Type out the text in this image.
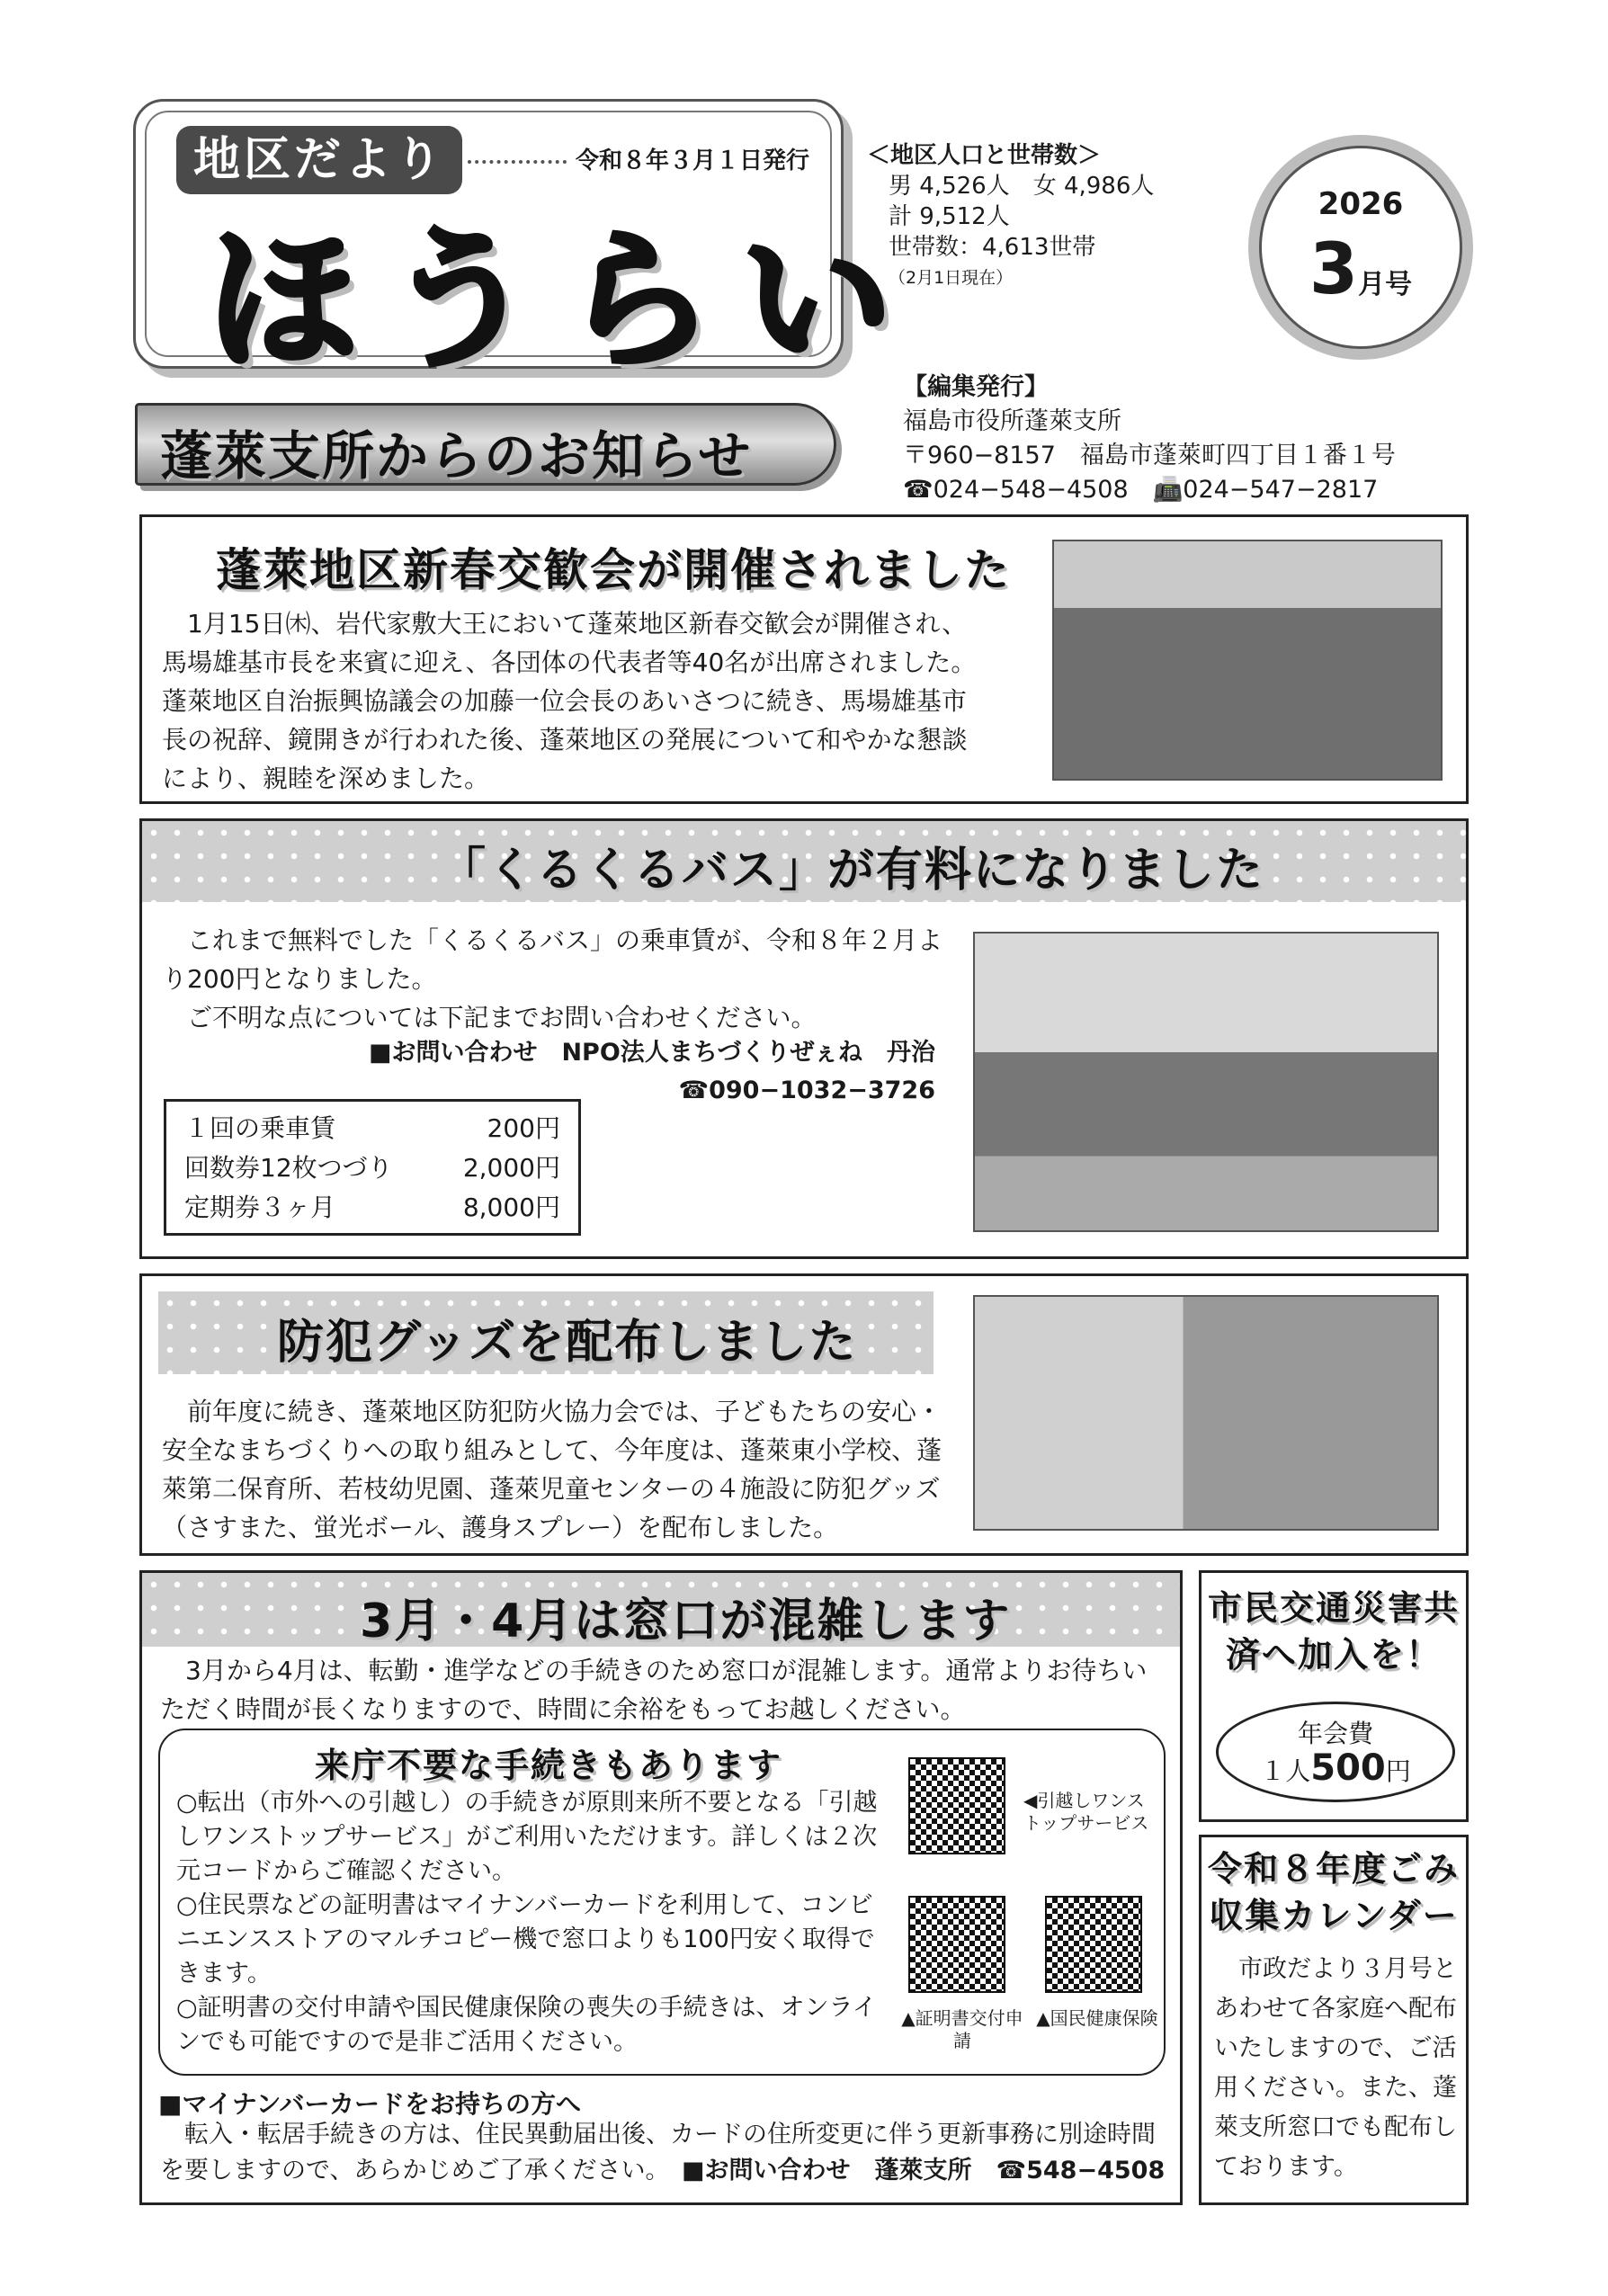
地区だより	令和８年３月１日発行
ほうらい
＜地区人口と世帯数＞
男 4,526人　女 4,986人
計 9,512人
世帯数：4,613世帯
（2月1日現在）
2026
3月号
【編集発行】
福島市役所蓬萊支所
〒960−8157　福島市蓬萊町四丁目１番１号
☎024−548−4508　📠024−547−2817
蓬萊支所からのお知らせ
蓬萊地区新春交歓会が開催されました
　1月15日㈭、岩代家敷大王において蓬萊地区新春交歓会が開催され、馬場雄基市長を来賓に迎え、各団体の代表者等40名が出席されました。蓬萊地区自治振興協議会の加藤一位会長のあいさつに続き、馬場雄基市長の祝辞、鏡開きが行われた後、蓬萊地区の発展について和やかな懇談により、親睦を深めました。
「くるくるバス」が有料になりました
　これまで無料でした「くるくるバス」の乗車賃が、令和８年２月より200円となりました。
　ご不明な点については下記までお問い合わせください。
■お問い合わせ　NPO法人まちづくりぜぇね　丹治
☎090−1032−3726
１回の乗車賃	200円
回数券12枚つづり	2,000円
定期券３ヶ月	8,000円
防犯グッズを配布しました
　前年度に続き、蓬萊地区防犯防火協力会では、子どもたちの安心・安全なまちづくりへの取り組みとして、今年度は、蓬萊東小学校、蓬萊第二保育所、若枝幼児園、蓬萊児童センターの４施設に防犯グッズ（さすまた、蛍光ボール、護身スプレー）を配布しました。
3月・4月は窓口が混雑します
　3月から4月は、転勤・進学などの手続きのため窓口が混雑します。通常よりお待ちいただく時間が長くなりますので、時間に余裕をもってお越しください。
来庁不要な手続きもあります
○転出（市外への引越し）の手続きが原則来所不要となる「引越しワンストップサービス」がご利用いただけます。詳しくは２次元コードからご確認ください。
○住民票などの証明書はマイナンバーカードを利用して、コンビニエンスストアのマルチコピー機で窓口よりも100円安く取得できます。
○証明書の交付申請や国民健康保険の喪失の手続きは、オンラインでも可能ですので是非ご活用ください。
◀引越しワンストップサービス
▲証明書交付申請
▲国民健康保険
■マイナンバーカードをお持ちの方へ
　転入・転居手続きの方は、住民異動届出後、カードの住所変更に伴う更新事務に別途時間を要しますので、あらかじめご了承ください。　 ■お問い合わせ　蓬萊支所　☎548−4508
市民交通災害共済へ加入を！
年会費
１人500円
令和８年度ごみ収集カレンダー
　市政だより３月号とあわせて各家庭へ配布いたしますので、ご活用ください。また、蓬萊支所窓口でも配布しております。
